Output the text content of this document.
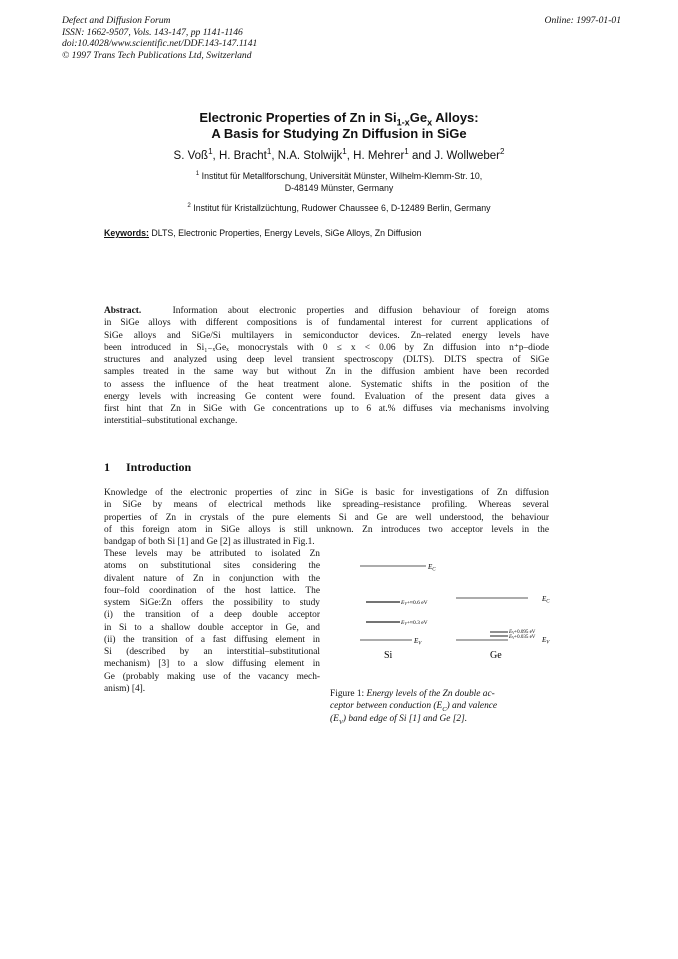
Defect and Diffusion Forum
ISSN: 1662-9507, Vols. 143-147, pp 1141-1146
doi:10.4028/www.scientific.net/DDF.143-147.1141
© 1997 Trans Tech Publications Ltd, Switzerland
Online: 1997-01-01
Electronic Properties of Zn in $Si_{1-x}Ge_x$ Alloys:
A Basis for Studying Zn Diffusion in SiGe
S. Voß$^1$, H. Bracht$^1$, N.A. Stolwijk$^1$, H. Mehrer$^1$ and J. Wollweber$^2$
$^1$ Institut für Metallforschung, Universität Münster, Wilhelm-Klemm-Str. 10,
D-48149 Münster, Germany
$^2$ Institut für Kristallzüchtung, Rudower Chaussee 6, D-12489 Berlin, Germany
Keywords: DLTS, Electronic Properties, Energy Levels, SiGe Alloys, Zn Diffusion
Abstract.	Information about electronic properties and diffusion behaviour of foreign atoms
in SiGe alloys with different compositions is of fundamental interest for current applications of
SiGe alloys and SiGe/Si multilayers in semiconductor devices. Zn–related energy levels have
been introduced in Si₁₋ₓGeₓ monocrystals with 0 ≤ x < 0.06 by Zn diffusion into n⁺p–diode
structures and analyzed using deep level transient spectroscopy (DLTS). DLTS spectra of SiGe
samples treated in the same way but without Zn in the diffusion ambient have been recorded
to assess the influence of the heat treatment alone. Systematic shifts in the position of the
energy levels with increasing Ge content were found. Evaluation of the present data gives a
first hint that Zn in SiGe with Ge concentrations up to 6 at.% diffuses via mechanisms involving
interstitial–substitutional exchange.
1 Introduction
Knowledge of the electronic properties of zinc in SiGe is basic for investigations of Zn diffusion
in SiGe by means of electrical methods like spreading–resistance profiling. Whereas several
properties of Zn in crystals of the pure elements Si and Ge are well understood, the behaviour
of this foreign atom in SiGe alloys is still unknown. Zn introduces two acceptor levels in the
bandgap of both Si [1] and Ge [2] as illustrated in Fig.1.
These levels may be attributed to isolated Zn
atoms on substitutional sites considering the
divalent nature of Zn in conjunction with the
four–fold coordination of the host lattice. The
system SiGe:Zn offers the possibility to study
(i) the transition of a deep double acceptor
in Si to a shallow double acceptor in Ge, and
(ii) the transition of a fast diffusing element in
Si (described by an interstitial–substitutional
mechanism) [3] to a slow diffusing element in
Ge (probably making use of the vacancy mech-
anism) [4].
$E_C$
$E_C$
EV+≈0.6 eV
EV+≈0.3 eV
$E_V+0.095$ eV
$E_V+0.035$ eV
$E_V$	$E_V$
Si	Ge
Figure 1: Energy levels of the Zn double ac-
ceptor between conduction $(E_C)$ and valence
$(E_V)$ band edge of Si [1] and Ge [2].
